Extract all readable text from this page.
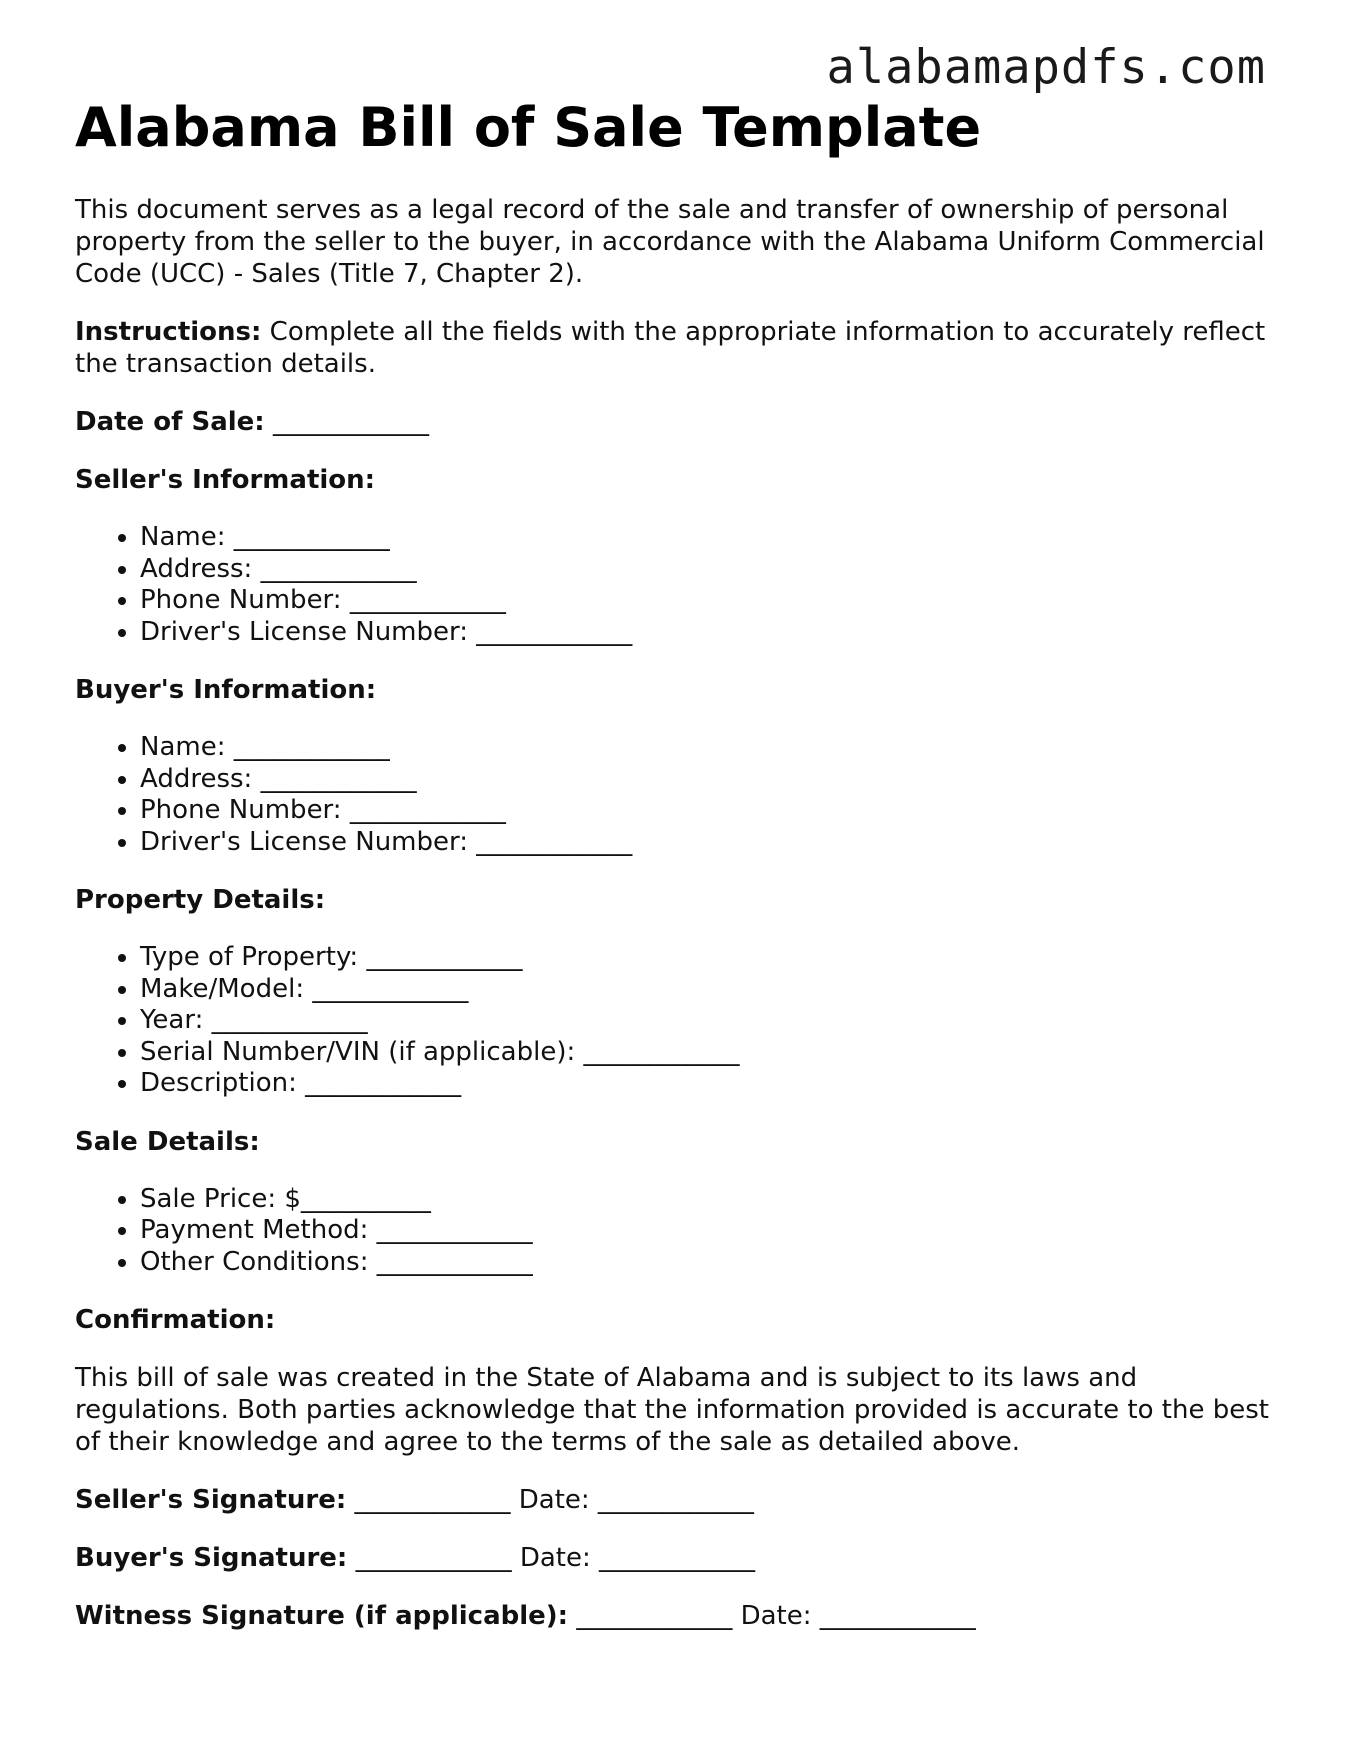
alabamapdfs.com
Alabama Bill of Sale Template

This document serves as a legal record of the sale and transfer of ownership of personal property from the seller to the buyer, in accordance with the Alabama Uniform Commercial Code (UCC) - Sales (Title 7, Chapter 2).

Instructions: Complete all the fields with the appropriate information to accurately reflect the transaction details.

Date of Sale: ____________

Seller's Information:
• Name: ____________
• Address: ____________
• Phone Number: ____________
• Driver's License Number: ____________
Buyer's Information:
• Name: ____________
• Address: ____________
• Phone Number: ____________
• Driver's License Number: ____________
Property Details:
• Type of Property: ____________
• Make/Model: ____________
• Year: ____________
• Serial Number/VIN (if applicable): ____________
• Description: ____________
Sale Details:
• Sale Price: $__________
• Payment Method: ____________
• Other Conditions: ____________
Confirmation:

This bill of sale was created in the State of Alabama and is subject to its laws and regulations. Both parties acknowledge that the information provided is accurate to the best of their knowledge and agree to the terms of the sale as detailed above.

Seller's Signature: ____________ Date: ____________
Buyer's Signature: ____________ Date: ____________
Witness Signature (if applicable): ____________ Date: ____________
